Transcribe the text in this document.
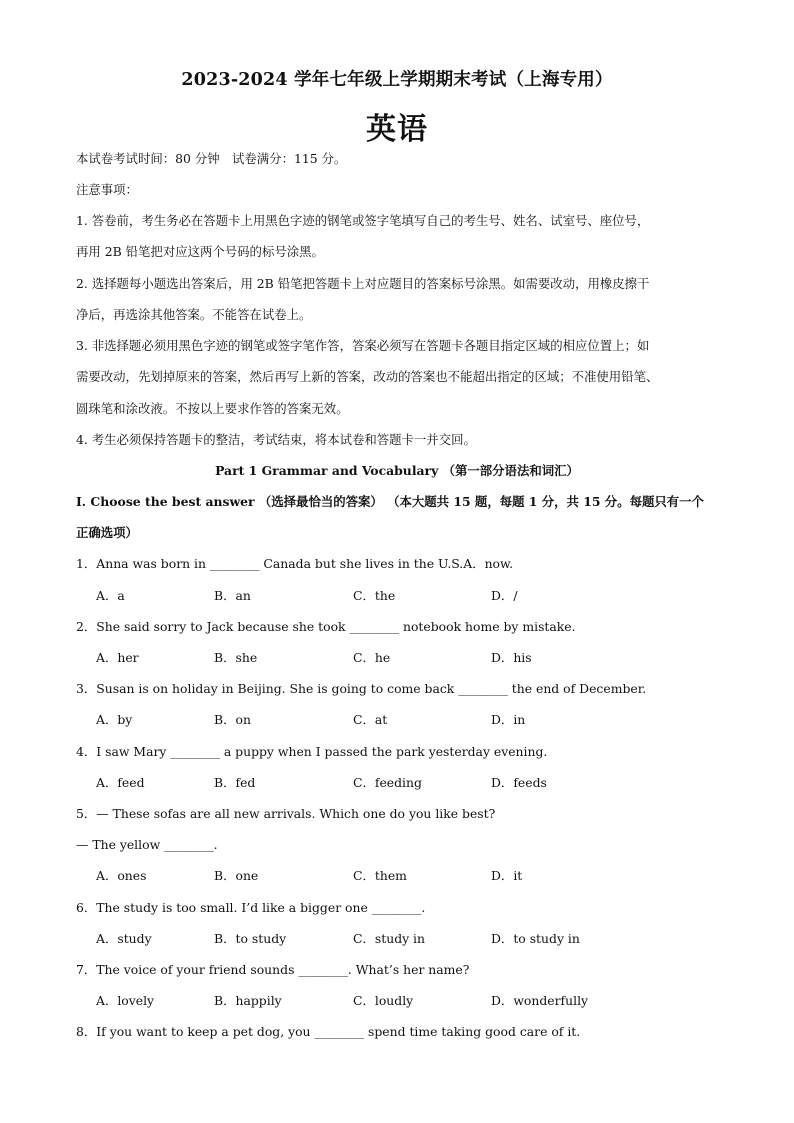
2023-2024 学年七年级上学期期末考试（上海专用）
英语
本试卷考试时间：80 分钟　试卷满分：115 分。
注意事项：
1. 答卷前，考生务必在答题卡上用黑色字迹的钢笔或签字笔填写自己的考生号、姓名、试室号、座位号，
再用 2B 铅笔把对应这两个号码的标号涂黑。
2. 选择题每小题选出答案后，用 2B 铅笔把答题卡上对应题目的答案标号涂黑。如需要改动，用橡皮擦干
净后，再选涂其他答案。不能答在试卷上。
3. 非选择题必须用黑色字迹的钢笔或签字笔作答，答案必须写在答题卡各题目指定区域的相应位置上；如
需要改动，先划掉原来的答案，然后再写上新的答案，改动的答案也不能超出指定的区域；不准使用铅笔、
圆珠笔和涂改液。不按以上要求作答的答案无效。
4. 考生必须保持答题卡的整洁，考试结束，将本试卷和答题卡一并交回。
Part 1 Grammar and Vocabulary （第一部分语法和词汇）
I. Choose the best answer （选择最恰当的答案） （本大题共 15 题，每题 1 分，共 15 分。每题只有一个
正确选项）
1．Anna was born in ________ Canada but she lives in the U.S.A．now.
A．a	B．an	C．the	D．/
2．She said sorry to Jack because she took ________ notebook home by mistake.
A．her	B．she	C．he	D．his
3．Susan is on holiday in Beijing. She is going to come back ________ the end of December.
A．by	B．on	C．at	D．in
4．I saw Mary ________ a puppy when I passed the park yesterday evening.
A．feed	B．fed	C．feeding	D．feeds
5．— These sofas are all new arrivals. Which one do you like best?
— The yellow ________.
A．ones	B．one	C．them	D．it
6．The study is too small. I’d like a bigger one ________.
A．study	B．to study	C．study in	D．to study in
7．The voice of your friend sounds ________. What’s her name?
A．lovely	B．happily	C．loudly	D．wonderfully
8．If you want to keep a pet dog, you ________ spend time taking good care of it.
